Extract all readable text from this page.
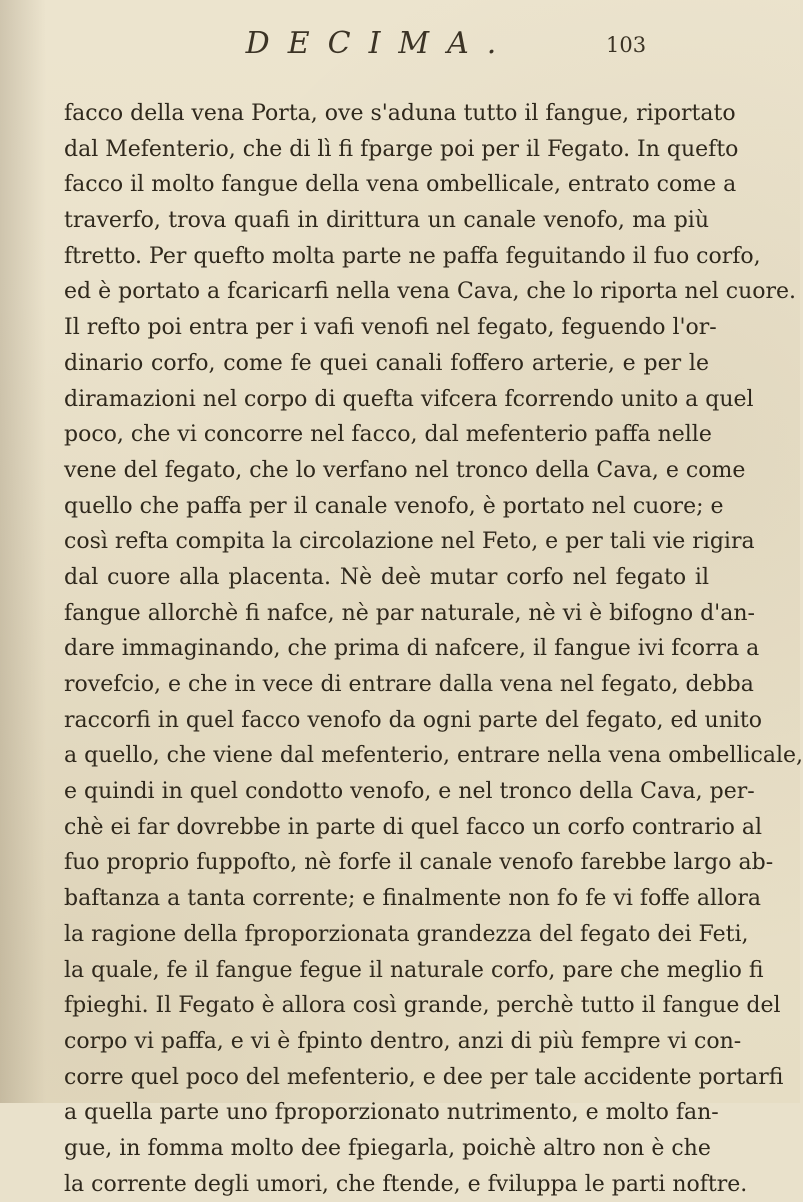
DECIMA.	103
facco della vena Porta, ove s'aduna tutto il fangue, riportato
dal Mefenterio, che di lì fi fparge poi per il Fegato. In quefto
facco il molto fangue della vena ombellicale, entrato come a
traverfo, trova quafi in dirittura un canale venofo, ma più
ftretto. Per quefto molta parte ne paffa feguitando il fuo corfo,
ed è portato a fcaricarfi nella vena Cava, che lo riporta nel cuore.
Il refto poi entra per i vafi venofi nel fegato, feguendo l'or-
dinario corfo, come fe quei canali foffero arterie, e per le
diramazioni nel corpo di quefta vifcera fcorrendo unito a quel
poco, che vi concorre nel facco, dal mefenterio paffa nelle
vene del fegato, che lo verfano nel tronco della Cava, e come
quello che paffa per il canale venofo, è portato nel cuore; e
così refta compita la circolazione nel Feto, e per tali vie rigira
dal cuore alla placenta. Nè deè mutar corfo nel fegato il
fangue allorchè fi nafce, nè par naturale, nè vi è bifogno d'an-
dare immaginando, che prima di nafcere, il fangue ivi fcorra a
rovefcio, e che in vece di entrare dalla vena nel fegato, debba
raccorfi in quel facco venofo da ogni parte del fegato, ed unito
a quello, che viene dal mefenterio, entrare nella vena ombellicale,
e quindi in quel condotto venofo, e nel tronco della Cava, per-
chè ei far dovrebbe in parte di quel facco un corfo contrario al
fuo proprio fuppofto, nè forfe il canale venofo farebbe largo ab-
baftanza a tanta corrente; e finalmente non fo fe vi foffe allora
la ragione della fproporzionata grandezza del fegato dei Feti,
la quale, fe il fangue fegue il naturale corfo, pare che meglio fi
fpieghi. Il Fegato è allora così grande, perchè tutto il fangue del
corpo vi paffa, e vi è fpinto dentro, anzi di più fempre vi con-
corre quel poco del mefenterio, e dee per tale accidente portarfi
a quella parte uno fproporzionato nutrimento, e molto fan-
gue, in fomma molto dee fpiegarla, poichè altro non è che
la corrente degli umori, che ftende, e fviluppa le parti noftre.
